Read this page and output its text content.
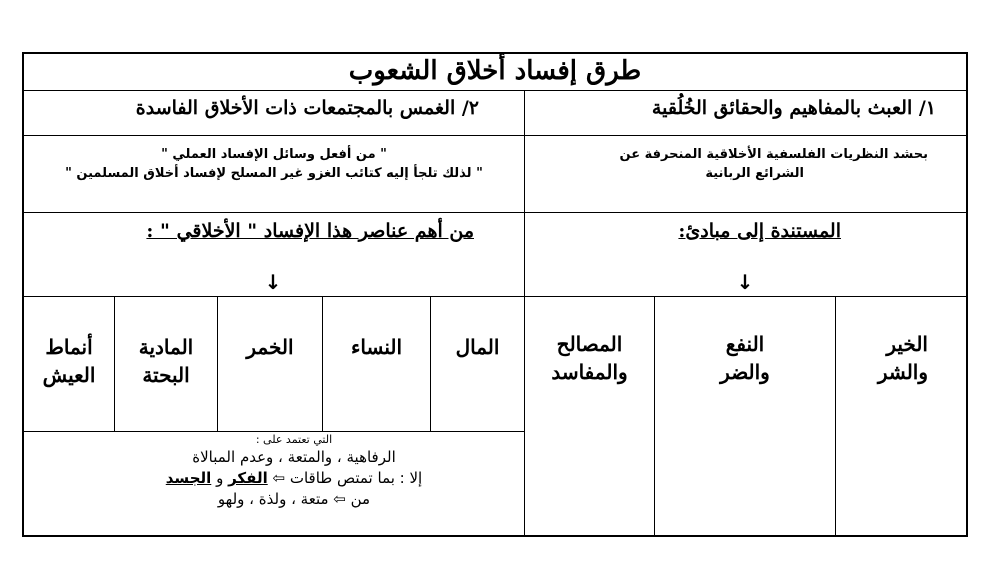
طرق إفساد أخلاق الشعوب
١/ العبث بالمفاهيم والحقائق الخُلُقية
٢/ الغمس بالمجتمعات ذات الأخلاق الفاسدة
بحشد النظريات الفلسفية الأخلاقية المنحرفة عن
الشرائع الربانية
" من أفعل وسائل الإفساد العملي "
" لذلك تلجأ إليه كتائب الغزو غير المسلح لإفساد أخلاق المسلمين "
المستندة إلى مبادئ:
↓
من أهم عناصر هذا الإفساد " الأخلاقي " :
↓
الخير
والشر
النفع
والضر
المصالح
والمفاسد
المال
النساء
الخمر
المادية
البحتة
أنماط
العيش
التي تعتمد على :
الرفاهية ، والمتعة ، وعدم المبالاة
إلا : بما تمتص طاقات ⇦ الفكر و الجسد
من ⇦ متعة ، ولذة ، ولهو
